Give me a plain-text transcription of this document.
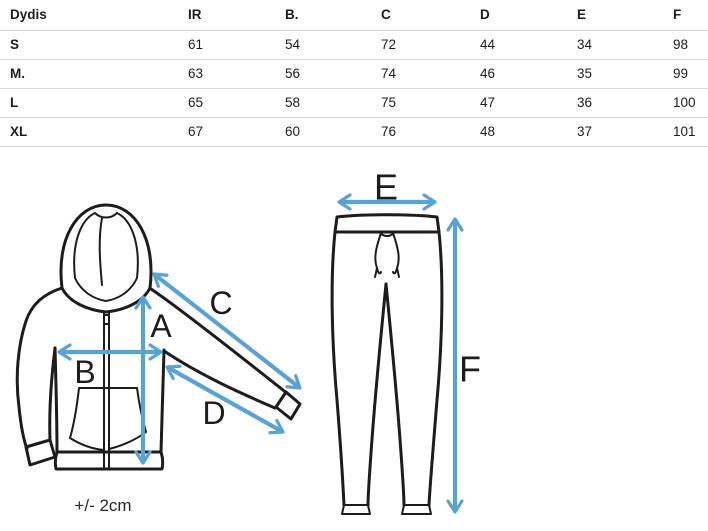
Dydis	IR	B.	C	D	E	F
S	61	54	72	44	34	98
M.	63	56	74	46	35	99
L	65	58	75	47	36	100
XL	67	60	76	48	37	101
A
B
C
D
E
F
+/- 2cm
